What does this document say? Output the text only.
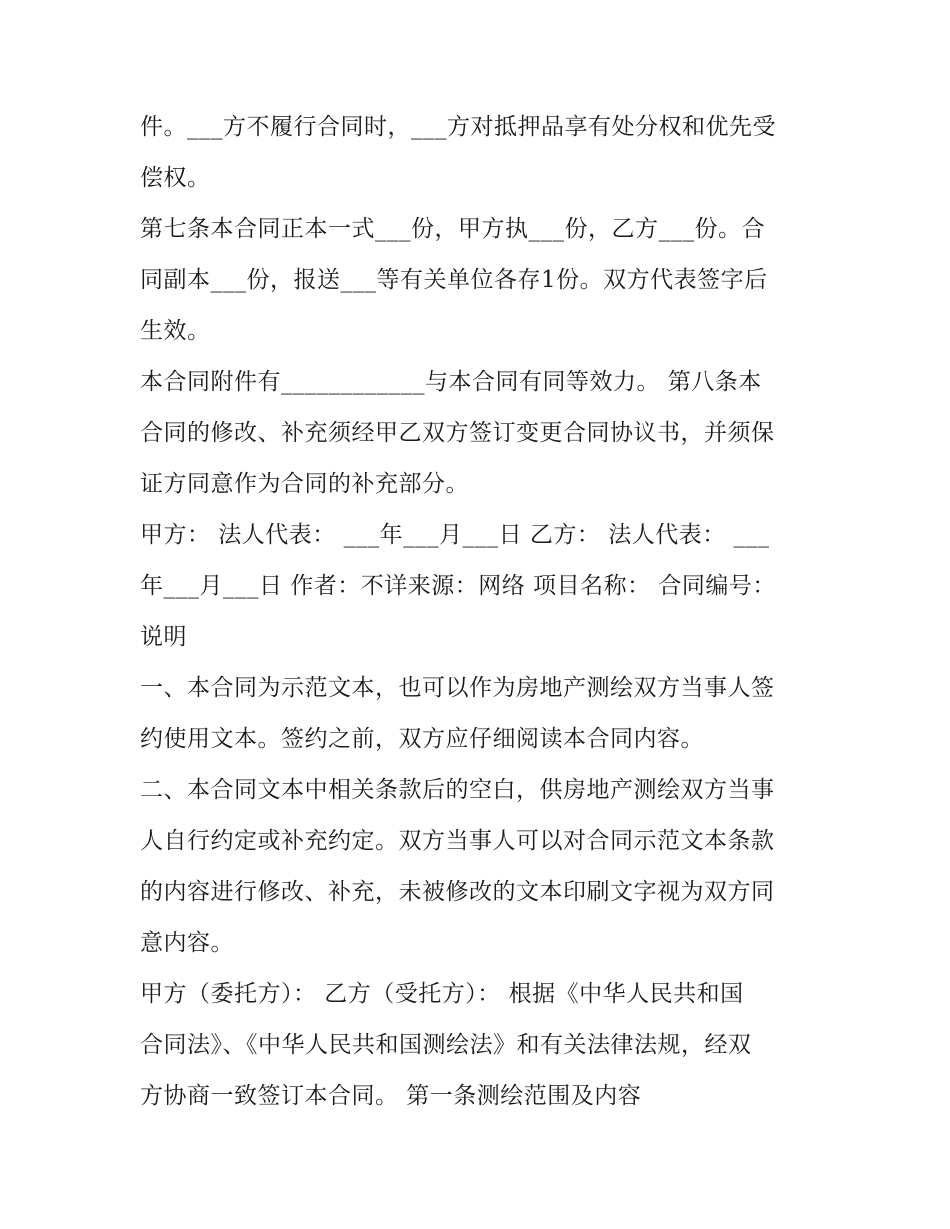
件。___方不履行合同时，___方对抵押品享有处分权和优先受
偿权。
第七条本合同正本一式___份，甲方执___份，乙方___份。合
同副本___份，报送___等有关单位各存1份。双方代表签字后
生效。
本合同附件有____________与本合同有同等效力。 第八条本
合同的修改、补充须经甲乙双方签订变更合同协议书，并须保
证方同意作为合同的补充部分。
甲方： 法人代表： ___年___月___日 乙方： 法人代表： ___
年___月___日 作者：不详来源：网络 项目名称： 合同编号：
说明
一、本合同为示范文本，也可以作为房地产测绘双方当事人签
约使用文本。签约之前，双方应仔细阅读本合同内容。
二、本合同文本中相关条款后的空白，供房地产测绘双方当事
人自行约定或补充约定。双方当事人可以对合同示范文本条款
的内容进行修改、补充，未被修改的文本印刷文字视为双方同
意内容。
甲方（委托方）： 乙方（受托方）： 根据《中华人民共和国
合同法》、《中华人民共和国测绘法》和有关法律法规，经双
方协商一致签订本合同。 第一条测绘范围及内容
